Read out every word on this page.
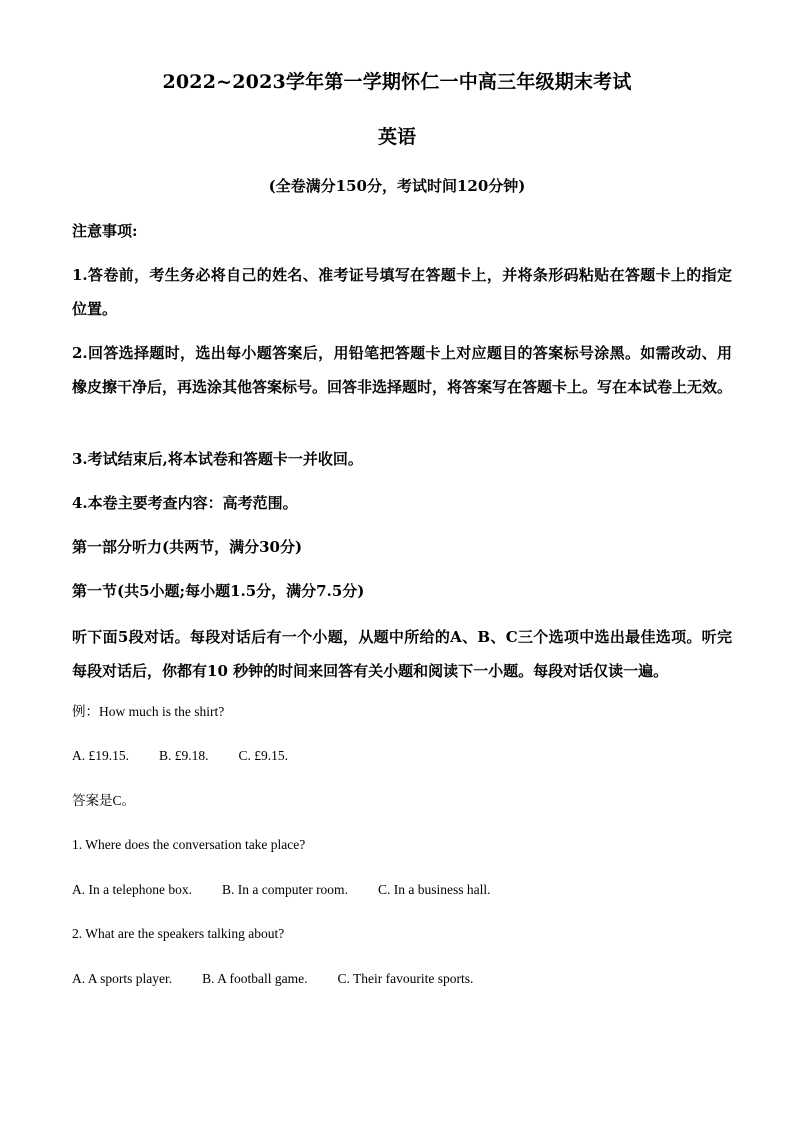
2022~2023学年第一学期怀仁一中高三年级期末考试
英语
(全卷满分150分，考试时间120分钟)
注意事项:
1.答卷前，考生务必将自己的姓名、准考证号填写在答题卡上，并将条形码粘贴在答题卡上的指定位置。
2.回答选择题时，选出每小题答案后，用铅笔把答题卡上对应题目的答案标号涂黑。如需改动、用橡皮擦干净后，再选涂其他答案标号。回答非选择题时，将答案写在答题卡上。写在本试卷上无效。
3.考试结束后,将本试卷和答题卡一并收回。
4.本卷主要考查内容：高考范围。
第一部分听力(共两节，满分30分)
第一节(共5小题;每小题1.5分，满分7.5分)
听下面5段对话。每段对话后有一个小题，从题中所给的A、B、C三个选项中选出最佳选项。听完每段对话后，你都有10 秒钟的时间来回答有关小题和阅读下一小题。每段对话仅读一遍。
例：How much is the shirt?
A. £19.15. B. £9.18. C. £9.15.
答案是C。
1. Where does the conversation take place?
A. In a telephone box. B. In a computer room. C. In a business hall.
2. What are the speakers talking about?
A. A sports player. B. A football game. C. Their favourite sports.
